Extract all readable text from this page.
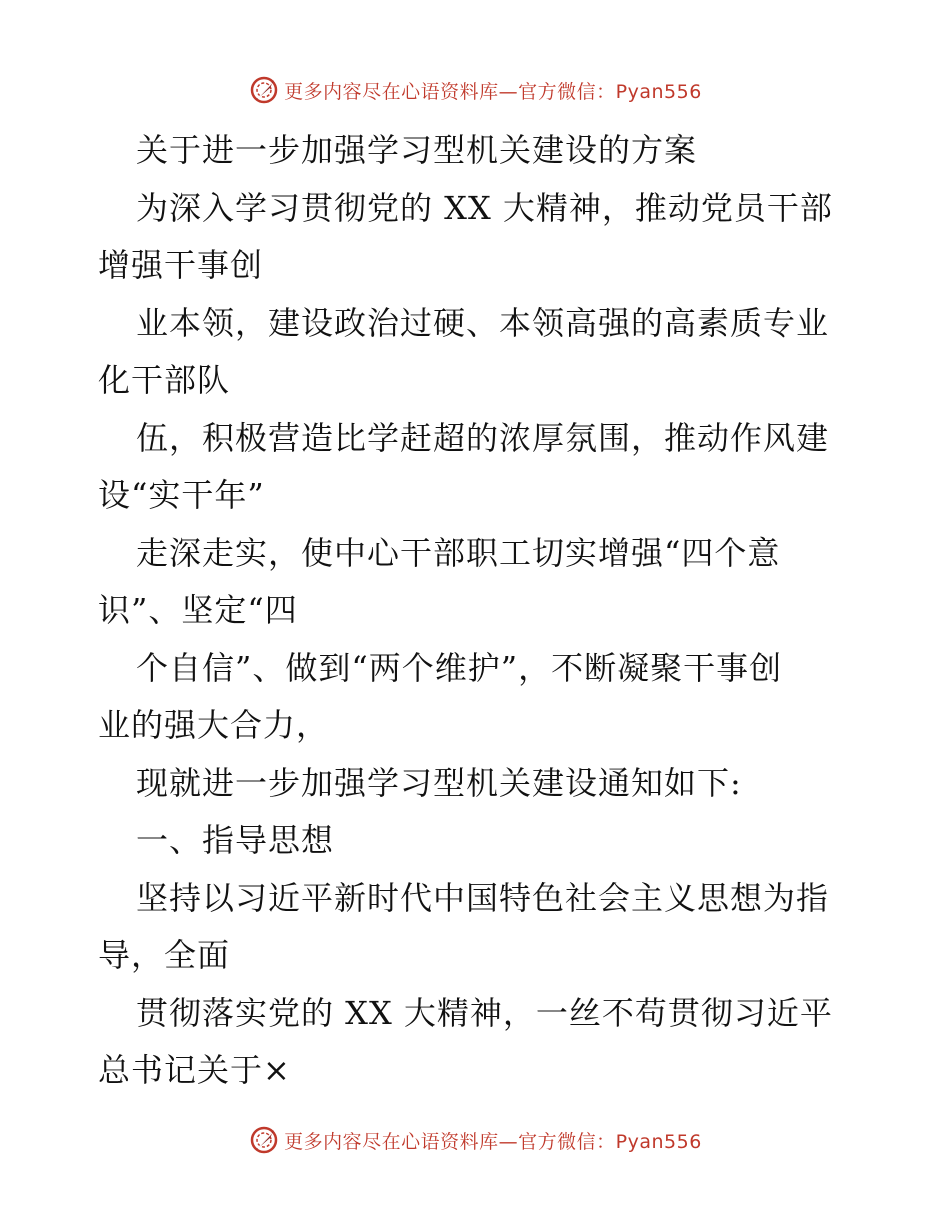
更多内容尽在心语资料库—官方微信：Pyan556
关于进一步加强学习型机关建设的方案
为深入学习贯彻党的 XX 大精神，推动党员干部
增强干事创
业本领，建设政治过硬、本领高强的高素质专业
化干部队
伍，积极营造比学赶超的浓厚氛围，推动作风建
设“实干年”
走深走实，使中心干部职工切实增强“四个意
识”、坚定“四
个自信”、做到“两个维护”，不断凝聚干事创
业的强大合力，
现就进一步加强学习型机关建设通知如下:
一、指导思想
坚持以习近平新时代中国特色社会主义思想为指
导，全面
贯彻落实党的 XX 大精神，一丝不苟贯彻习近平
总书记关于×
更多内容尽在心语资料库—官方微信：Pyan556
